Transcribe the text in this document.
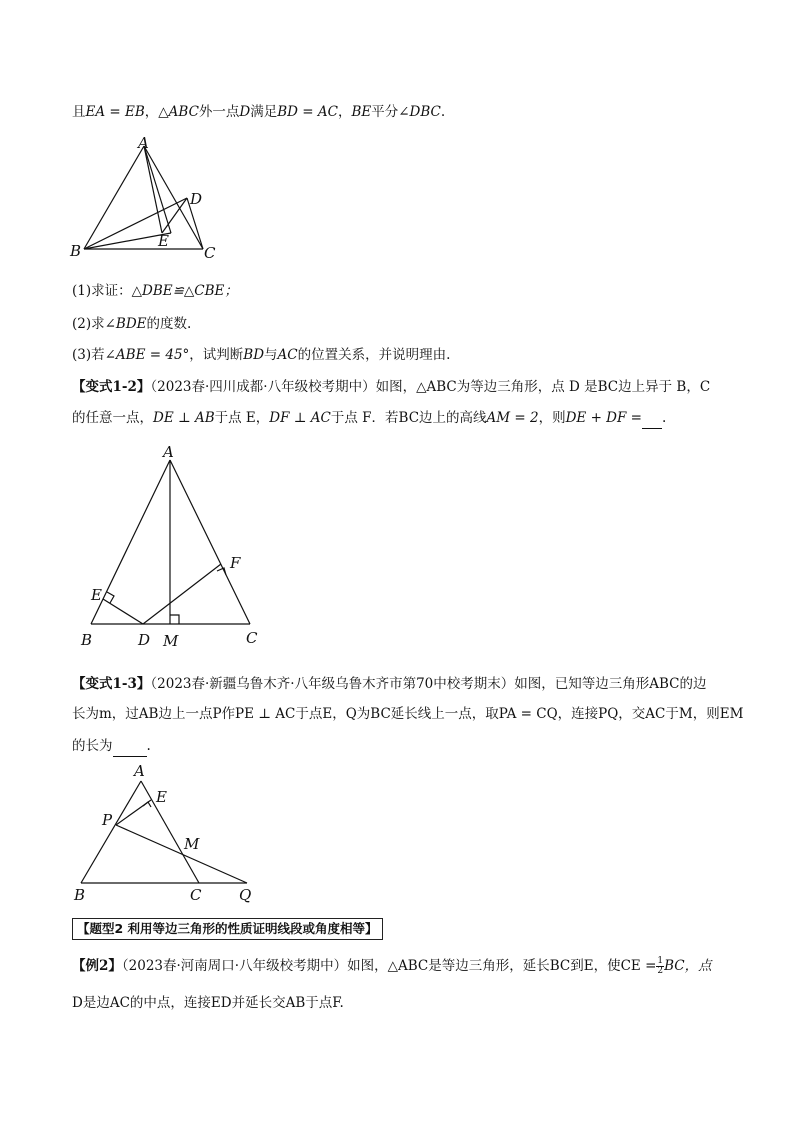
且EA = EB，△ABC外一点D满足BD = AC，BE平分∠DBC.
A
B	C
D
E
(1)求证：△DBE≌△CBE；
(2)求∠BDE的度数.
(3)若∠ABE = 45°，试判断BD与AC的位置关系，并说明理由.
【变式1-2】（2023春·四川成都·八年级校考期中）如图，△ABC为等边三角形，点 D 是BC边上异于 B，C
的任意一点，DE ⊥ AB于点 E，DF ⊥ AC于点 F．若BC边上的高线AM = 2，则DE + DF = .
A
B	C
D
E
F
M
【变式1-3】（2023春·新疆乌鲁木齐·八年级乌鲁木齐市第70中校考期末）如图，已知等边三角形ABC的边
长为m，过AB边上一点P作PE ⊥ AC于点E，Q为BC延长线上一点，取PA = CQ，连接PQ，交AC于M，则EM
的长为	.
A
B	C
E
P
M
Q
【题型2 利用等边三角形的性质证明线段或角度相等】
【例2】（2023春·河南周口·八年级校考期中）如图，△ABC是等边三角形，延长BC到E，使CE = $\frac{1}{2}$ BC，点
D是边AC的中点，连接ED并延长交AB于点F.
